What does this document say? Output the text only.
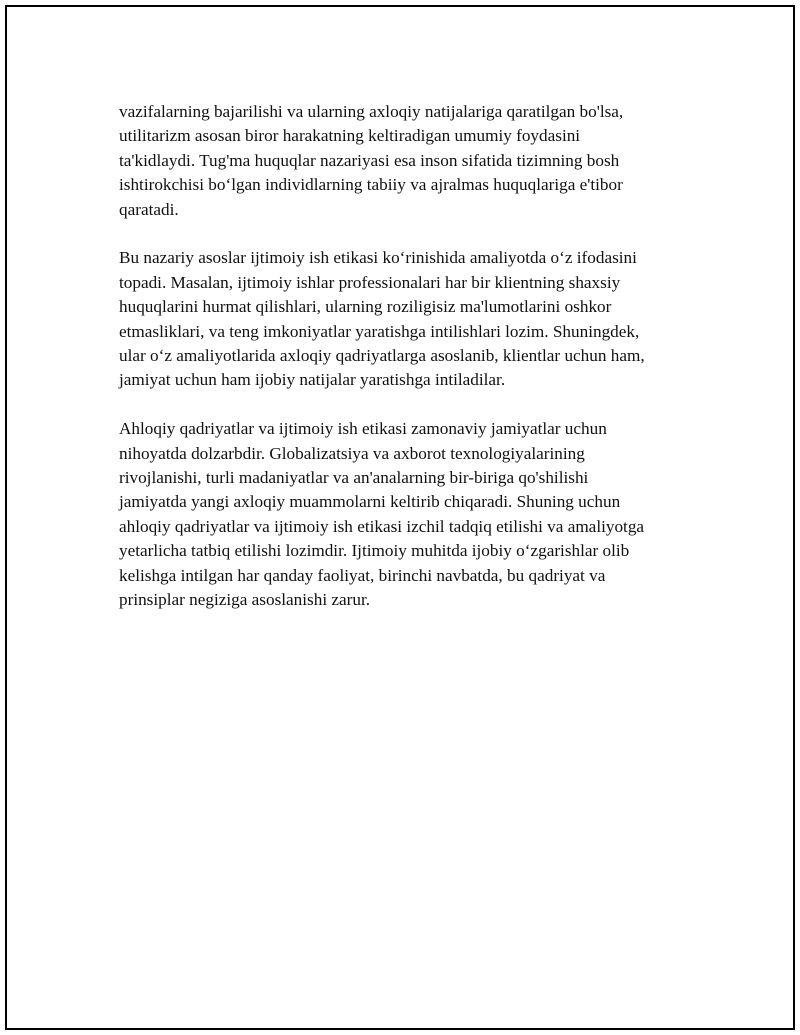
vazifalarning bajarilishi va ularning axloqiy natijalariga qaratilgan bo'lsa,
utilitarizm asosan biror harakatning keltiradigan umumiy foydasini
ta'kidlaydi. Tug'ma huquqlar nazariyasi esa inson sifatida tizimning bosh
ishtirokchisi bo‘lgan individlarning tabiiy va ajralmas huquqlariga e'tibor
qaratadi.

Bu nazariy asoslar ijtimoiy ish etikasi ko‘rinishida amaliyotda o‘z ifodasini
topadi. Masalan, ijtimoiy ishlar professionalari har bir klientning shaxsiy
huquqlarini hurmat qilishlari, ularning roziligisiz ma'lumotlarini oshkor
etmasliklari, va teng imkoniyatlar yaratishga intilishlari lozim. Shuningdek,
ular o‘z amaliyotlarida axloqiy qadriyatlarga asoslanib, klientlar uchun ham,
jamiyat uchun ham ijobiy natijalar yaratishga intiladilar.

Ahloqiy qadriyatlar va ijtimoiy ish etikasi zamonaviy jamiyatlar uchun
nihoyatda dolzarbdir. Globalizatsiya va axborot texnologiyalarining
rivojlanishi, turli madaniyatlar va an'analarning bir-biriga qo'shilishi
jamiyatda yangi axloqiy muammolarni keltirib chiqaradi. Shuning uchun
ahloqiy qadriyatlar va ijtimoiy ish etikasi izchil tadqiq etilishi va amaliyotga
yetarlicha tatbiq etilishi lozimdir. Ijtimoiy muhitda ijobiy o‘zgarishlar olib
kelishga intilgan har qanday faoliyat, birinchi navbatda, bu qadriyat va
prinsiplar negiziga asoslanishi zarur.
